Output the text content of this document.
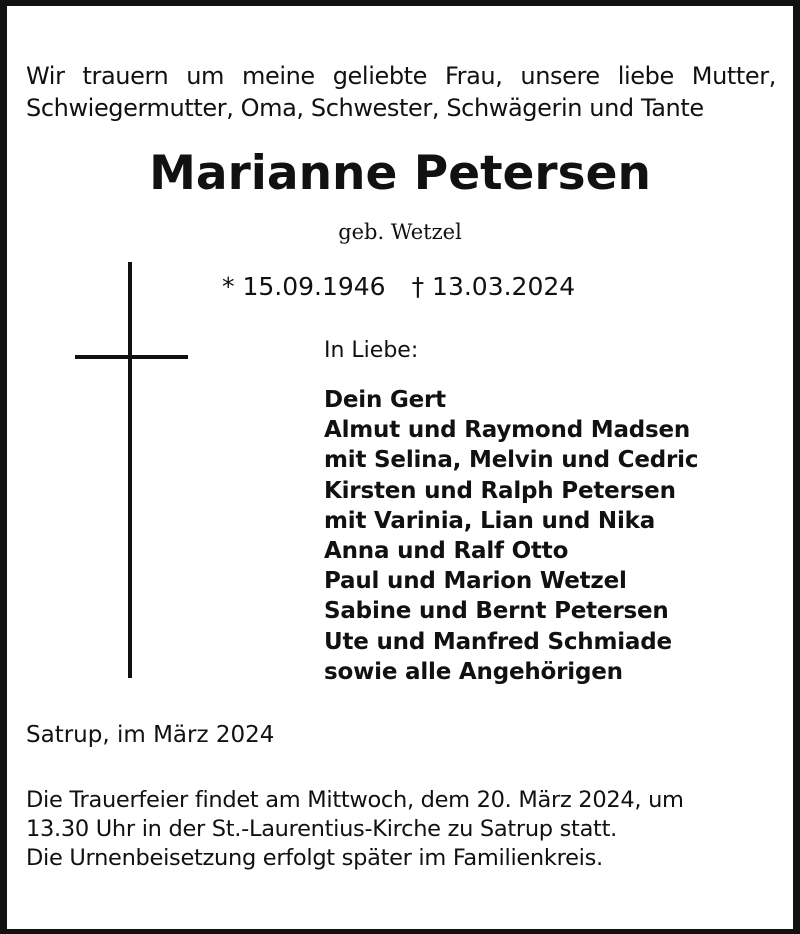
Wir trauern um meine geliebte Frau, unsere liebe Mutter,
Schwiegermutter, Oma, Schwester, Schwägerin und Tante

Marianne Petersen
geb. Wetzel
* 15.09.1946 † 13.03.2024
In Liebe:
Dein Gert
Almut und Raymond Madsen
mit Selina, Melvin und Cedric
Kirsten und Ralph Petersen
mit Varinia, Lian und Nika
Anna und Ralf Otto
Paul und Marion Wetzel
Sabine und Bernt Petersen
Ute und Manfred Schmiade
sowie alle Angehörigen
Satrup, im März 2024
Die Trauerfeier findet am Mittwoch, dem 20. März 2024, um
13.30 Uhr in der St.-Laurentius-Kirche zu Satrup statt.
Die Urnenbeisetzung erfolgt später im Familienkreis.
